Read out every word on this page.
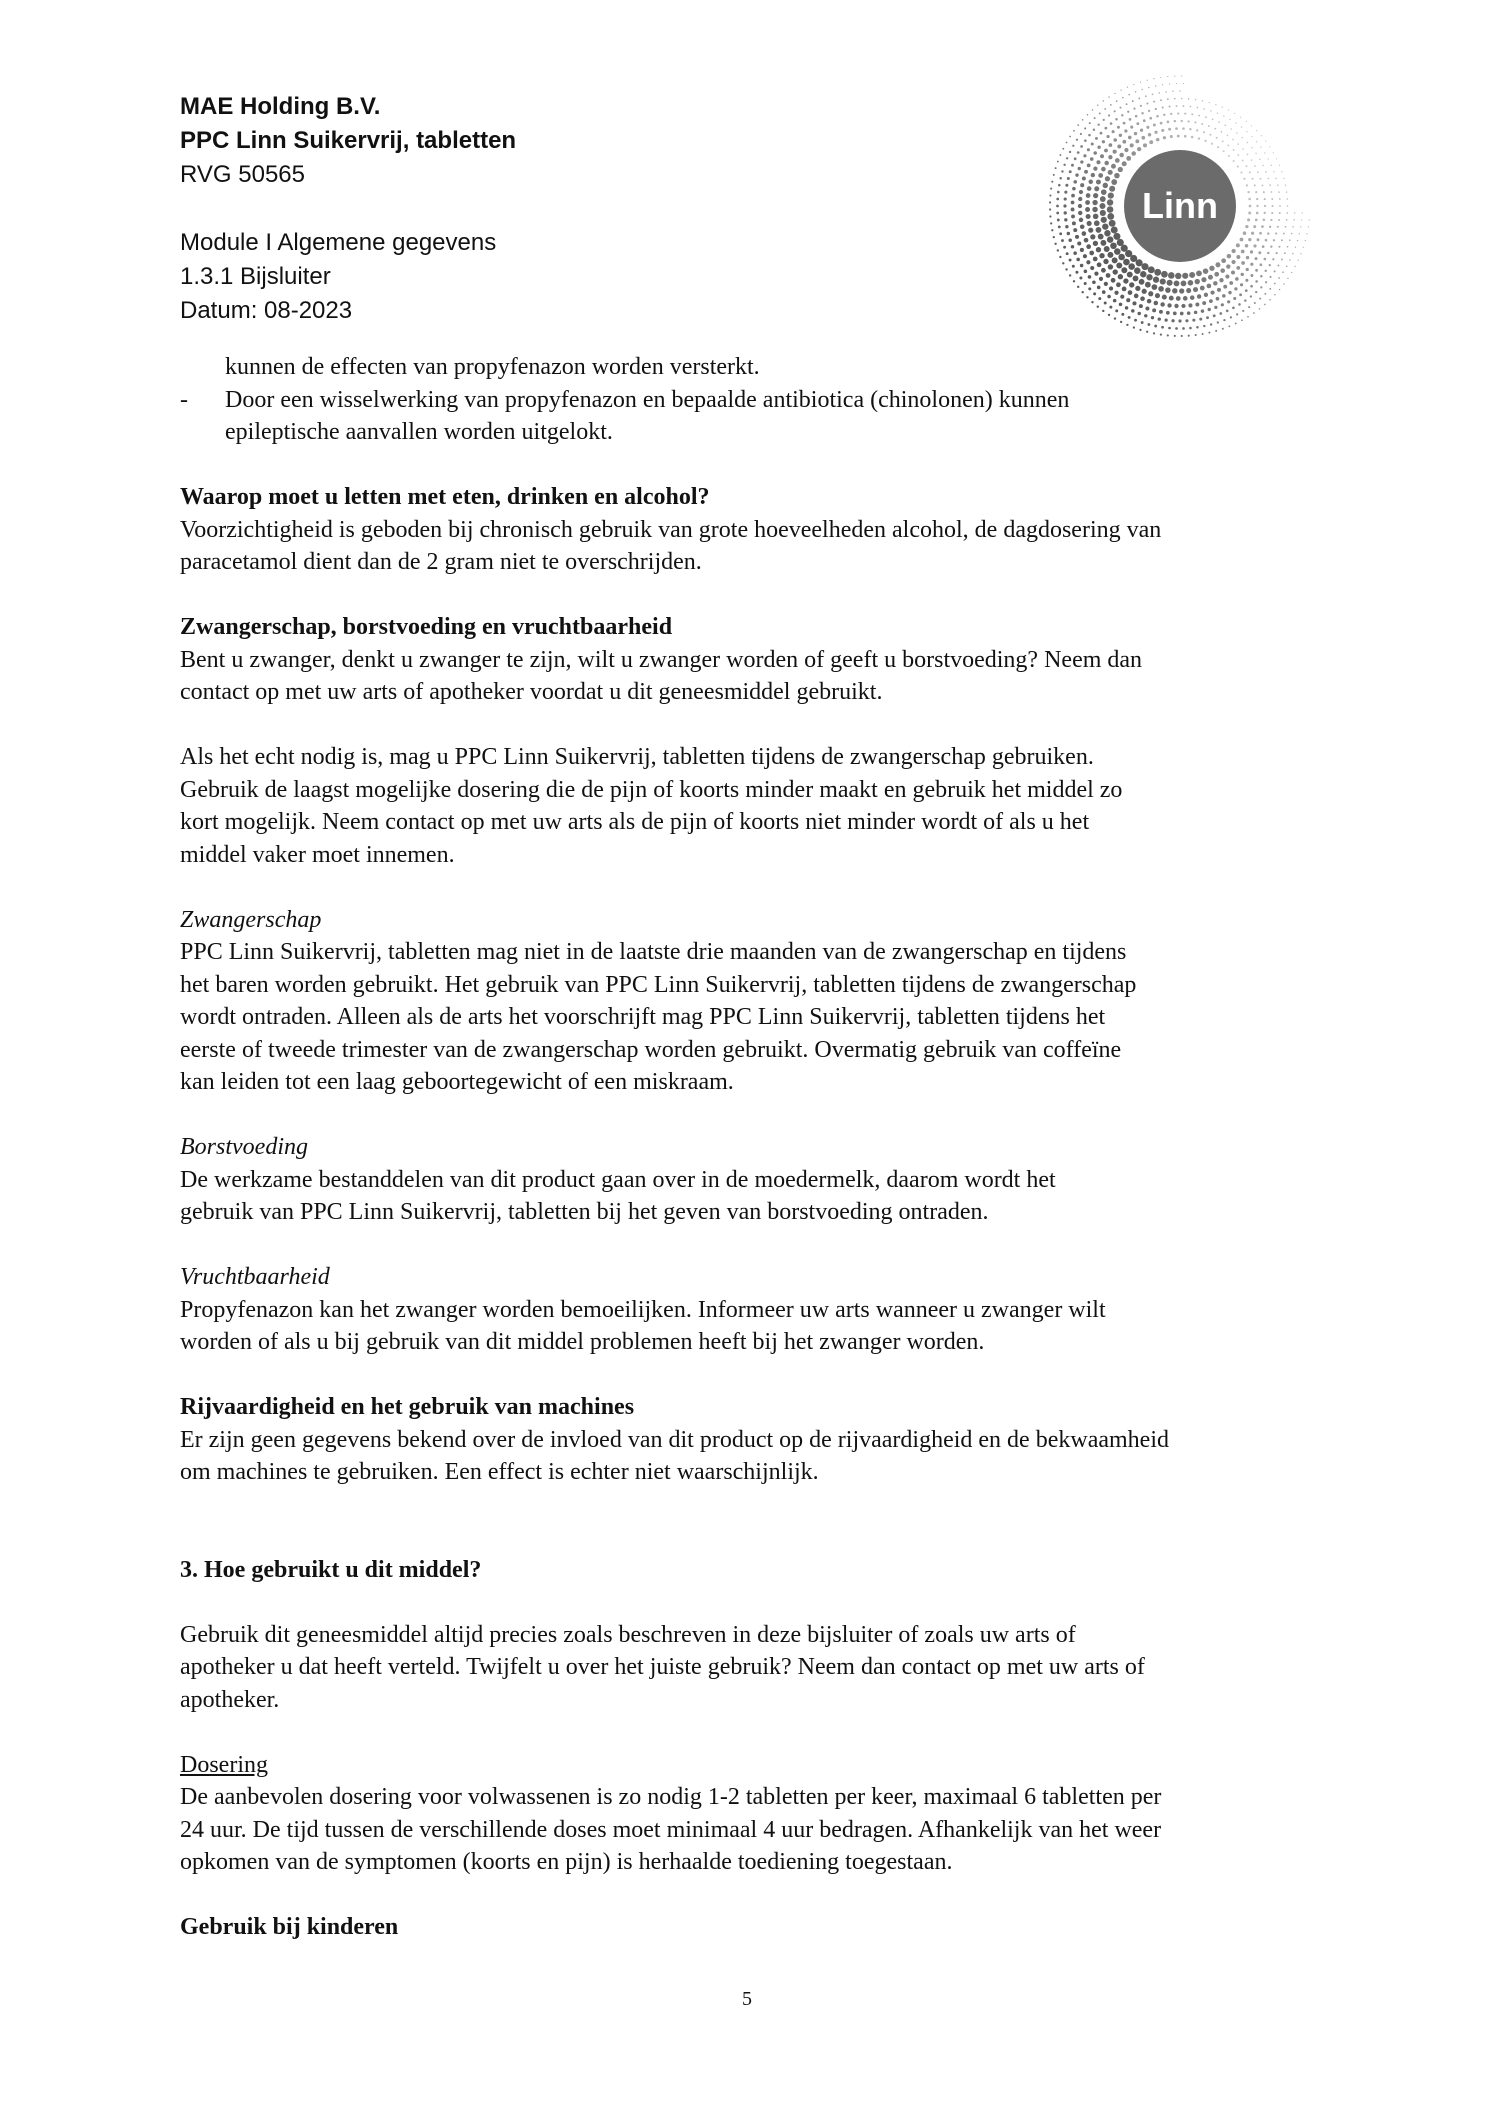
MAE Holding B.V.
PPC Linn Suikervrij, tabletten
RVG 50565
Module I Algemene gegevens
1.3.1 Bijsluiter
Datum: 08-2023
Linn

kunnen de effecten van propyfenazon worden versterkt.

- Door een wisselwerking van propyfenazon en bepaalde antibiotica (chinolonen) kunnen

epileptische aanvallen worden uitgelokt.

Waarop moet u letten met eten, drinken en alcohol?

Voorzichtigheid is geboden bij chronisch gebruik van grote hoeveelheden alcohol, de dagdosering van

paracetamol dient dan de 2 gram niet te overschrijden.

Zwangerschap, borstvoeding en vruchtbaarheid

Bent u zwanger, denkt u zwanger te zijn, wilt u zwanger worden of geeft u borstvoeding? Neem dan

contact op met uw arts of apotheker voordat u dit geneesmiddel gebruikt.

Als het echt nodig is, mag u PPC Linn Suikervrij, tabletten tijdens de zwangerschap gebruiken.

Gebruik de laagst mogelijke dosering die de pijn of koorts minder maakt en gebruik het middel zo

kort mogelijk. Neem contact op met uw arts als de pijn of koorts niet minder wordt of als u het

middel vaker moet innemen.

Zwangerschap

PPC Linn Suikervrij, tabletten mag niet in de laatste drie maanden van de zwangerschap en tijdens

het baren worden gebruikt. Het gebruik van PPC Linn Suikervrij, tabletten tijdens de zwangerschap

wordt ontraden. Alleen als de arts het voorschrijft mag PPC Linn Suikervrij, tabletten tijdens het

eerste of tweede trimester van de zwangerschap worden gebruikt. Overmatig gebruik van coffeïne

kan leiden tot een laag geboortegewicht of een miskraam.

Borstvoeding

De werkzame bestanddelen van dit product gaan over in de moedermelk, daarom wordt het

gebruik van PPC Linn Suikervrij, tabletten bij het geven van borstvoeding ontraden.

Vruchtbaarheid

Propyfenazon kan het zwanger worden bemoeilijken. Informeer uw arts wanneer u zwanger wilt

worden of als u bij gebruik van dit middel problemen heeft bij het zwanger worden.

Rijvaardigheid en het gebruik van machines

Er zijn geen gegevens bekend over de invloed van dit product op de rijvaardigheid en de bekwaamheid

om machines te gebruiken. Een effect is echter niet waarschijnlijk.

3. Hoe gebruikt u dit middel?

Gebruik dit geneesmiddel altijd precies zoals beschreven in deze bijsluiter of zoals uw arts of

apotheker u dat heeft verteld. Twijfelt u over het juiste gebruik? Neem dan contact op met uw arts of

apotheker.

Dosering

De aanbevolen dosering voor volwassenen is zo nodig 1-2 tabletten per keer, maximaal 6 tabletten per

24 uur. De tijd tussen de verschillende doses moet minimaal 4 uur bedragen. Afhankelijk van het weer

opkomen van de symptomen (koorts en pijn) is herhaalde toediening toegestaan.

Gebruik bij kinderen
5
